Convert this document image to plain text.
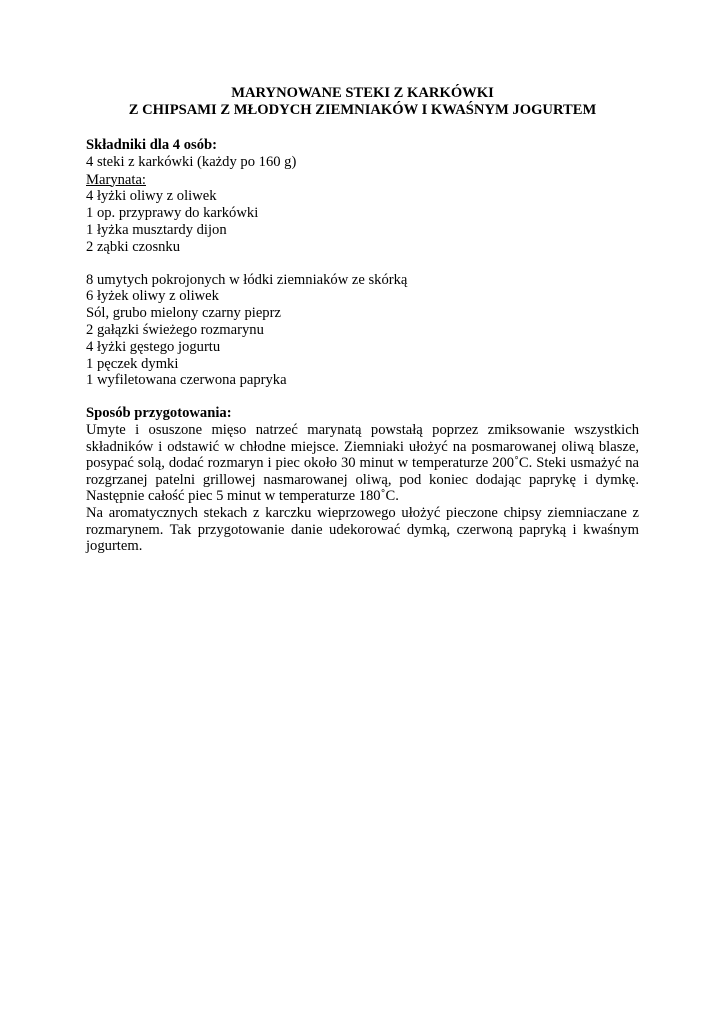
MARYNOWANE STEKI Z KARKÓWKI

Z CHIPSAMI Z MŁODYCH ZIEMNIAKÓW I KWAŚNYM JOGURTEM

Składniki dla 4 osób:

4 steki z karkówki (każdy po 160 g)

Marynata:

4 łyżki oliwy z oliwek

1 op. przyprawy do karkówki

1 łyżka musztardy dijon

2 ząbki czosnku

8 umytych pokrojonych w łódki ziemniaków ze skórką

6 łyżek oliwy z oliwek

Sól, grubo mielony czarny pieprz

2 gałązki świeżego rozmarynu

4 łyżki gęstego jogurtu

1 pęczek dymki

1 wyfiletowana czerwona papryka

Sposób przygotowania:

Umyte i osuszone mięso natrzeć marynatą powstałą poprzez zmiksowanie wszystkich składników i odstawić w chłodne miejsce. Ziemniaki ułożyć na posmarowanej oliwą blasze, posypać solą, dodać rozmaryn i piec około 30 minut w temperaturze 200˚C. Steki usmażyć na rozgrzanej patelni grillowej nasmarowanej oliwą, pod koniec dodając paprykę i dymkę. Następnie całość piec 5 minut w temperaturze 180˚C.

Na aromatycznych stekach z karczku wieprzowego ułożyć pieczone chipsy ziemniaczane z rozmarynem. Tak przygotowanie danie udekorować dymką, czerwoną papryką i kwaśnym jogurtem.
